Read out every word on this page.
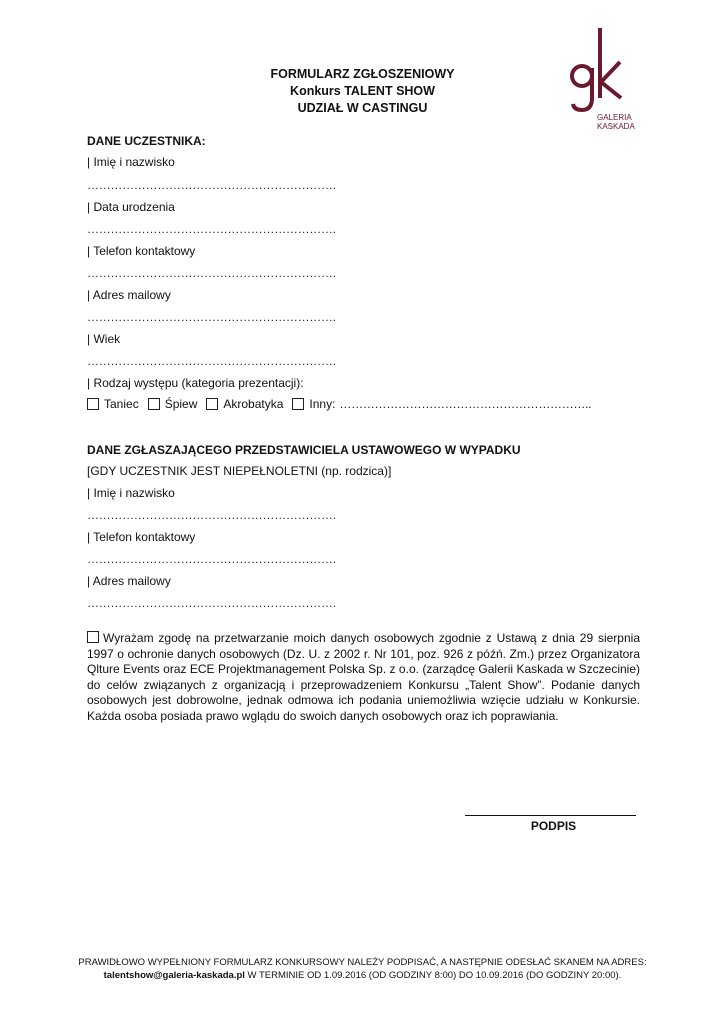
FORMULARZ ZGŁOSZENIOWY
Konkurs TALENT SHOW
UDZIAŁ W CASTINGU
GALERIA
KASKADA
DANE UCZESTNIKA:
| Imię i nazwisko
……………………………………………………….
| Data urodzenia
……………………………………………………….
| Telefon kontaktowy
……………………………………………………….
| Adres mailowy
……………………………………………………….
| Wiek
……………………………………………………….
| Rodzaj występu (kategoria prezentacji):
Taniec Śpiew Akrobatyka Inny: ………………………………………………………..
DANE ZGŁASZAJĄCEGO PRZEDSTAWICIELA USTAWOWEGO W WYPADKU
[GDY UCZESTNIK JEST NIEPEŁNOLETNI (np. rodzica)]
| Imię i nazwisko
……………………………………………………….
| Telefon kontaktowy
……………………………………………………….
| Adres mailowy
……………………………………………………….
Wyrażam zgodę na przetwarzanie moich danych osobowych zgodnie z Ustawą z dnia 29 sierpnia 1997 o ochronie danych osobowych (Dz. U. z 2002 r. Nr 101, poz. 926 z późń. Zm.) przez Organizatora Qlture Events oraz ECE Projektmanagement Polska Sp. z o.o. (zarządcę Galerii Kaskada w Szczecinie) do celów związanych z organizacją i przeprowadzeniem Konkursu „Talent Show”. Podanie danych osobowych jest dobrowolne, jednak odmowa ich podania uniemożliwia wzięcie udziału w Konkursie. Każda osoba posiada prawo wglądu do swoich danych osobowych oraz ich poprawiania.
PODPIS
PRAWIDŁOWO WYPEŁNIONY FORMULARZ KONKURSOWY NALEŻY PODPISAĆ, A NASTĘPNIE ODESŁAĆ SKANEM NA ADRES:
talentshow@galeria-kaskada.pl W TERMINIE OD 1.09.2016 (OD GODZINY 8:00) DO 10.09.2016 (DO GODZINY 20:00).
